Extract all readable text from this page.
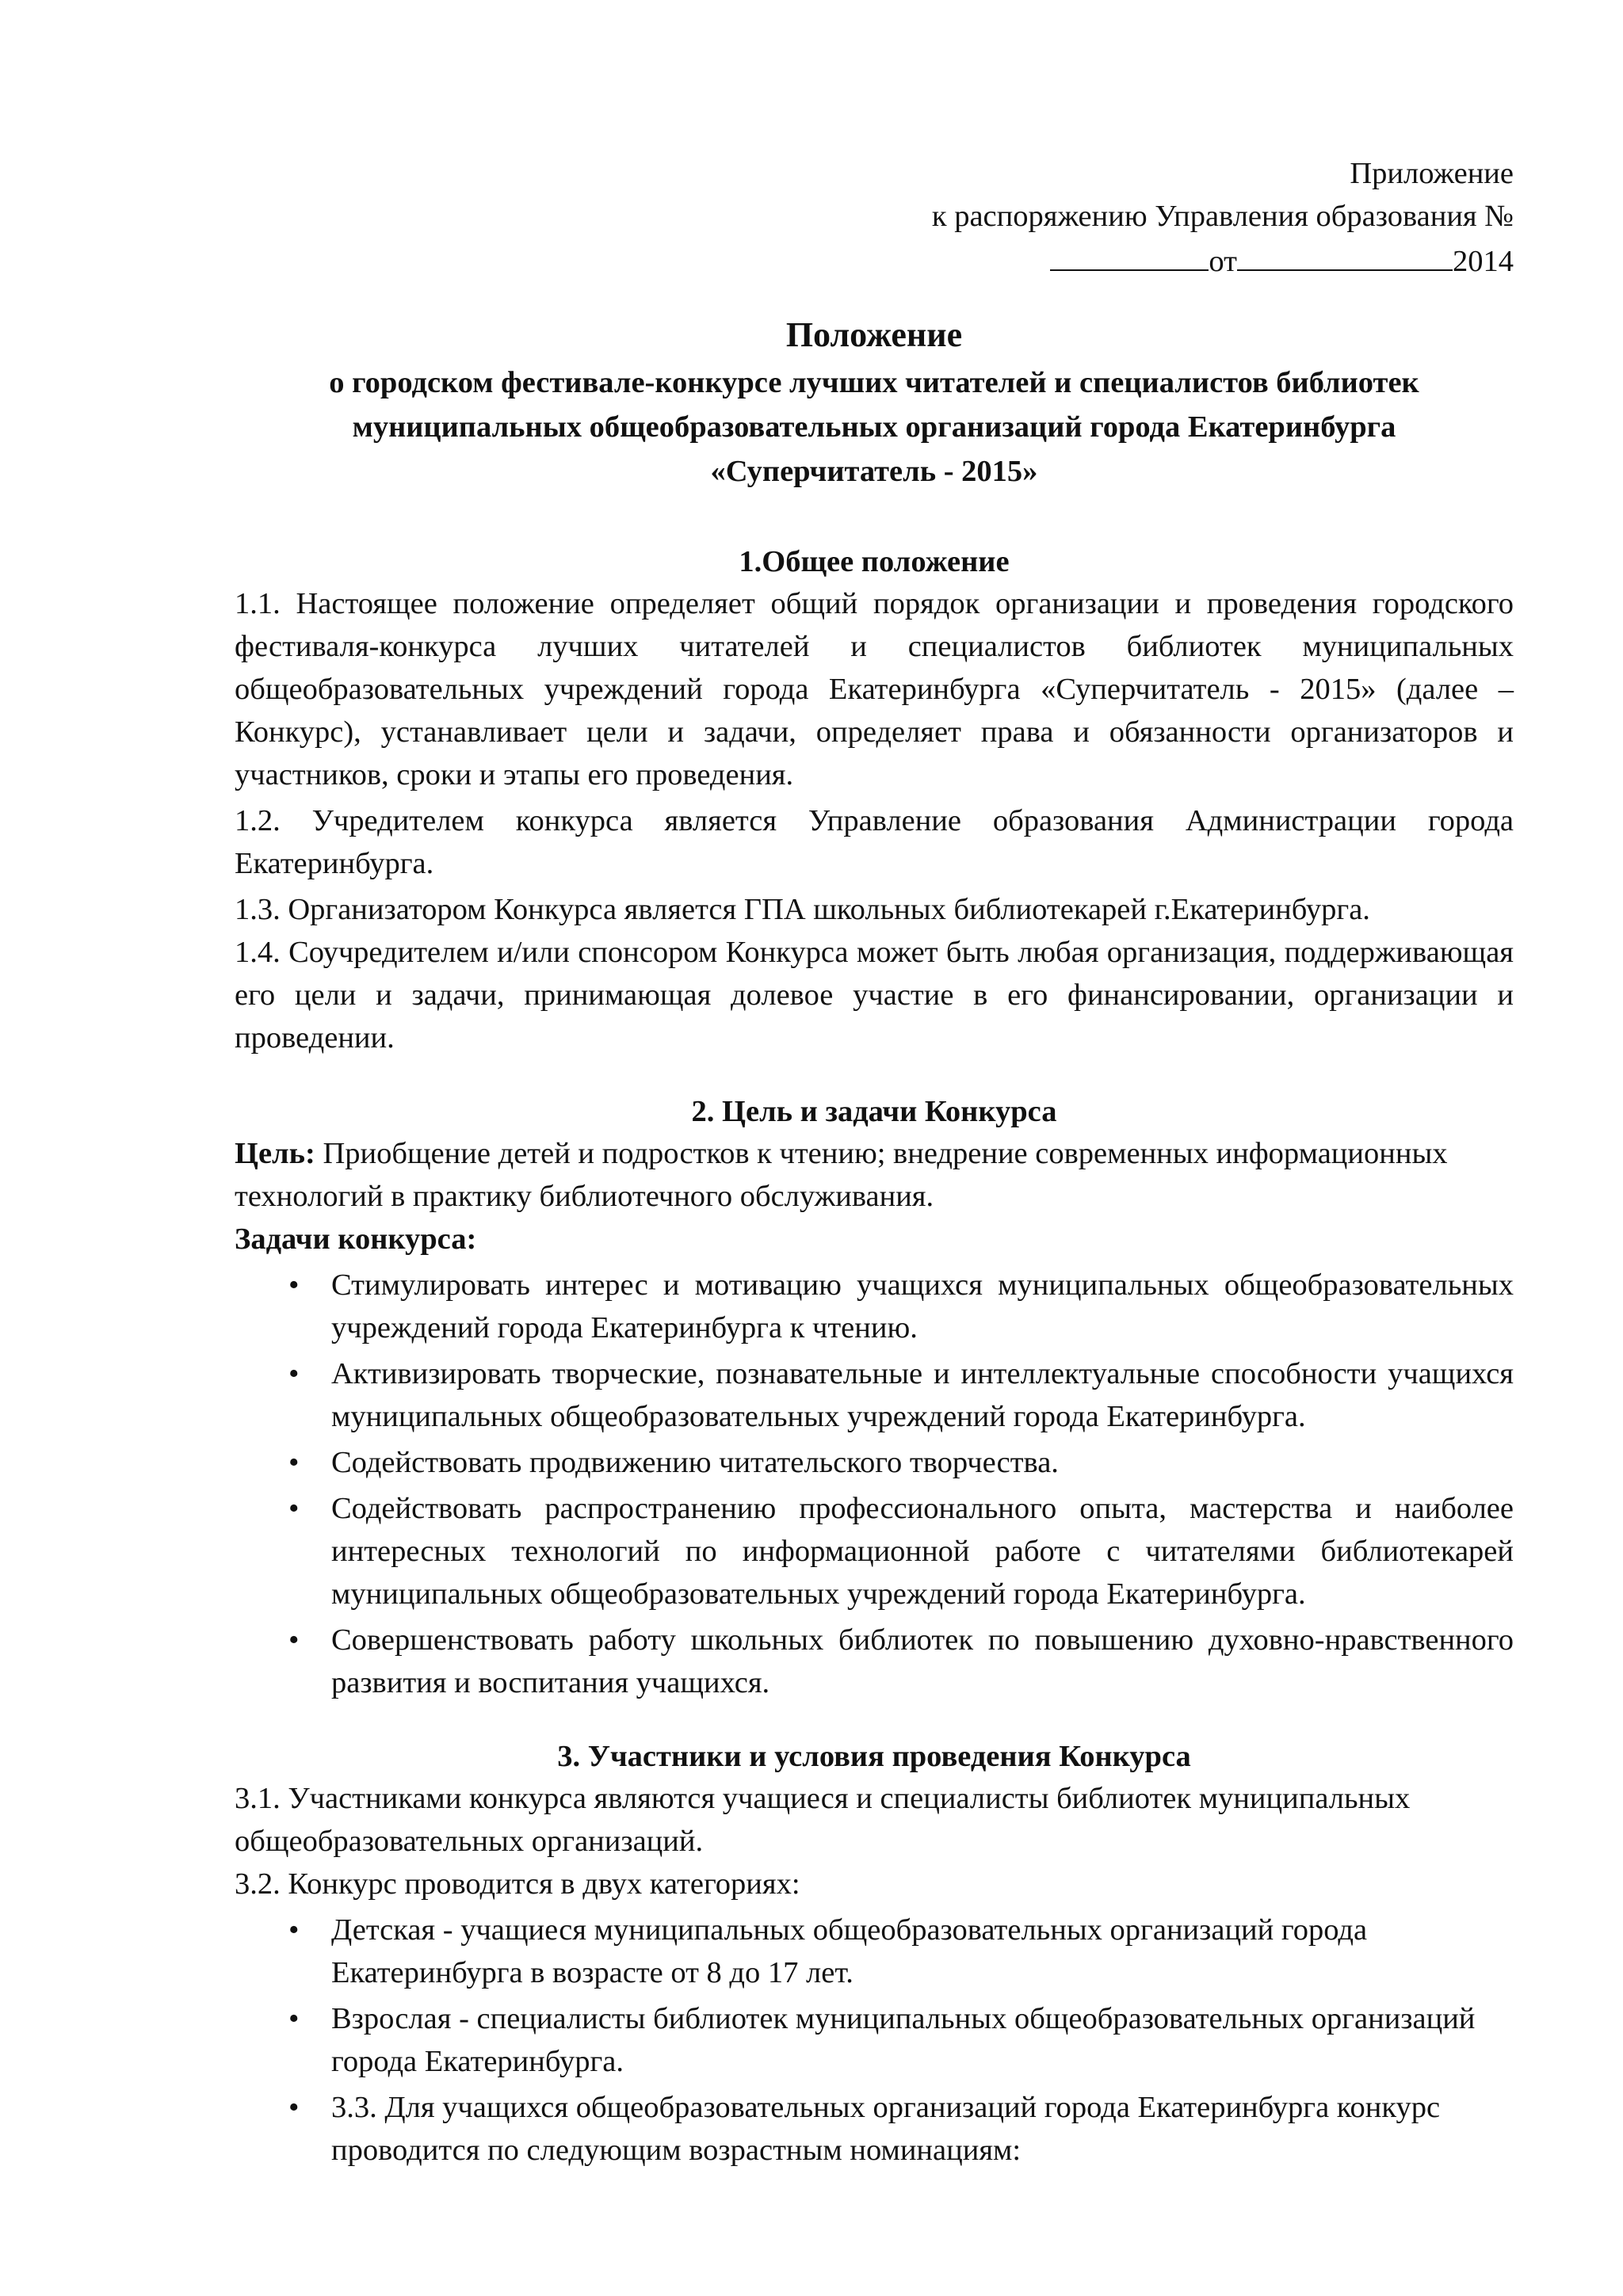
Приложение

к распоряжению Управления образования №

от	2014

Положение

о городском фестивале-конкурсе лучших читателей и специалистов библиотек

муниципальных общеобразовательных организаций города Екатеринбурга

«Суперчитатель - 2015»

1.Общее положение

1.1. Настоящее положение определяет общий порядок организации и проведения городского фестиваля-конкурса лучших читателей и специалистов библиотек муниципальных общеобразовательных учреждений города Екатеринбурга «Суперчитатель - 2015» (далее – Конкурс), устанавливает цели и задачи, определяет права и обязанности организаторов и участников, сроки и этапы его проведения.

1.2. Учредителем конкурса является Управление образования Администрации города Екатеринбурга.

1.3. Организатором Конкурса является ГПА школьных библиотекарей г.Екатеринбурга.

1.4. Соучредителем и/или спонсором Конкурса может быть любая организация, поддерживающая его цели и задачи, принимающая долевое участие в его финансировании, организации и проведении.

2. Цель и задачи Конкурса

Цель: Приобщение детей и подростков к чтению; внедрение современных информационных технологий в практику библиотечного обслуживания.

Задачи конкурса:

• Стимулировать интерес и мотивацию учащихся муниципальных общеобразовательных учреждений города Екатеринбурга к чтению.
• Активизировать творческие, познавательные и интеллектуальные способности учащихся муниципальных общеобразовательных учреждений города Екатеринбурга.
• Содействовать продвижению читательского творчества.
• Содействовать распространению профессионального опыта, мастерства и наиболее интересных технологий по информационной работе с читателями библиотекарей муниципальных общеобразовательных учреждений города Екатеринбурга.
• Совершенствовать работу школьных библиотек по повышению духовно-нравственного развития и воспитания учащихся.

3. Участники и условия проведения Конкурса

3.1. Участниками конкурса являются учащиеся и специалисты библиотек муниципальных общеобразовательных организаций.

3.2. Конкурс проводится в двух категориях:

• Детская - учащиеся муниципальных общеобразовательных организаций города Екатеринбурга в возрасте от 8 до 17 лет.
• Взрослая - специалисты библиотек муниципальных общеобразовательных организаций города Екатеринбурга.
• 3.3. Для учащихся общеобразовательных организаций города Екатеринбурга конкурс проводится по следующим возрастным номинациям:
